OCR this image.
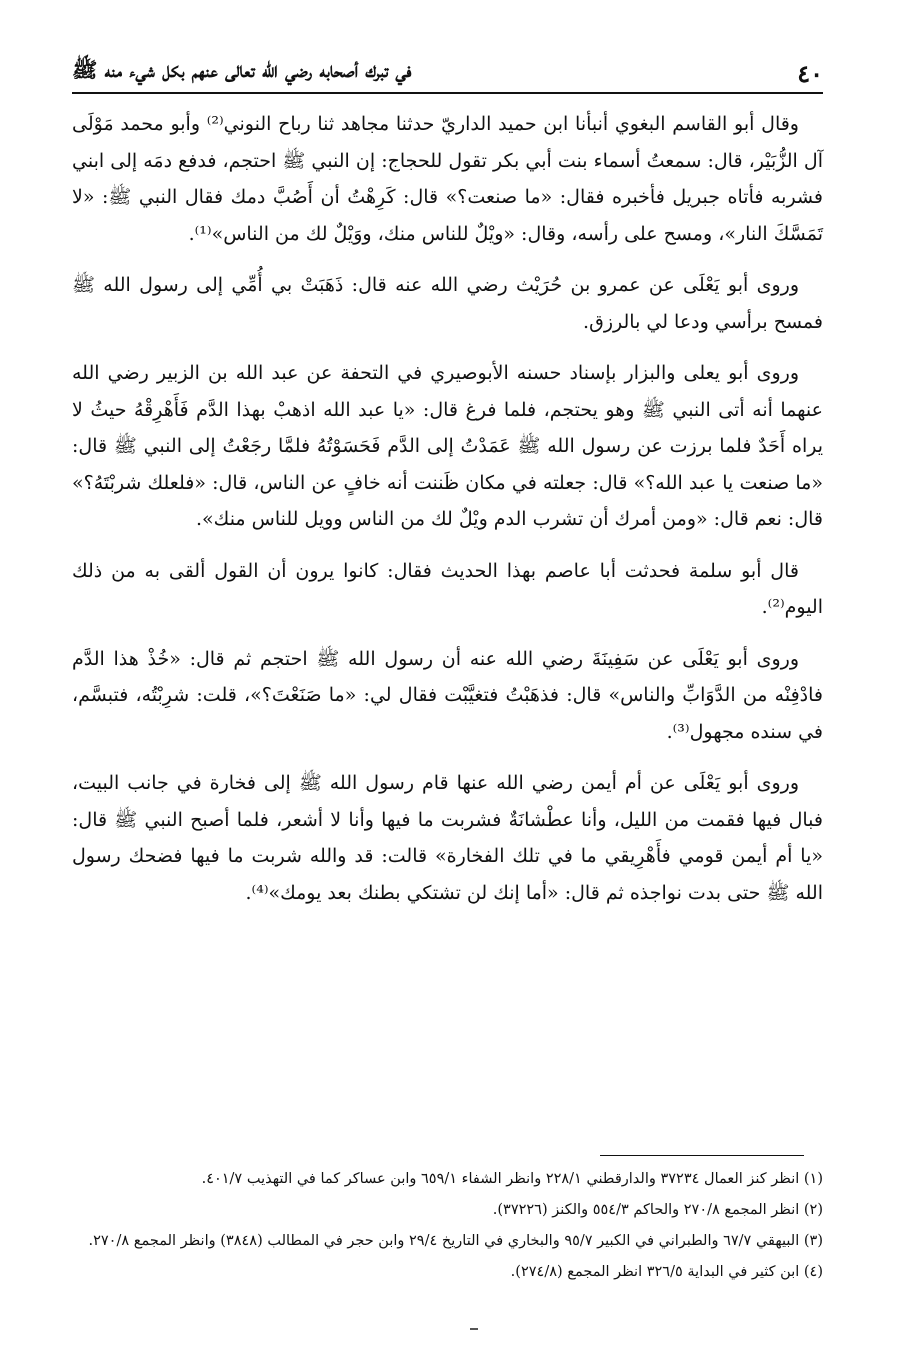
٤٠
في تبرك أصحابه رضي الله تعالى عنهم بكل شيء منه ﷺ

وقال أبو القاسم البغوي أنبأنا ابن حميد الداريّ حدثنا مجاهد ثنا رباح النوني⁽²⁾ وأبو محمد مَوْلَى آل الزُّبَيْر، قال: سمعتُ أسماء بنت أبي بكر تقول للحجاج: إن النبي ﷺ احتجم، فدفع دمَه إلى ابني فشربه فأتاه جبريل فأخبره فقال: «ما صنعت؟» قال: كَرِهْتُ أن أَصُبَّ دمك فقال النبي ﷺ: «لا تَمَسَّكَ النار»، ومسح على رأسه، وقال: «ويْلٌ للناس منك، ووَيْلٌ لك من الناس»⁽¹⁾.

وروى أبو يَعْلَى عن عمرو بن حُرَيْث رضي الله عنه قال: ذَهَبَتْ بي أُمِّي إلى رسول الله ﷺ فمسح برأسي ودعا لي بالرزق.

وروى أبو يعلى والبزار بإسناد حسنه الأبوصيري في التحفة عن عبد الله بن الزبير رضي الله عنهما أنه أتى النبي ﷺ وهو يحتجم، فلما فرغ قال: «يا عبد الله اذهبْ بهذا الدَّم فَأَهْرِقْهُ حيثُ لا يراه أَحَدٌ فلما برزت عن رسول الله ﷺ عَمَدْتُ إلى الدَّم فَحَسَوْتُهُ فلمَّا رجَعْتُ إلى النبي ﷺ قال: «ما صنعت يا عبد الله؟» قال: جعلته في مكان ظَننت أنه خافٍ عن الناس، قال: «فلعلك شربْتَهُ؟» قال: نعم قال: «ومن أمرك أن تشرب الدم ويْلٌ لك من الناس وويل للناس منك».

قال أبو سلمة فحدثت أبا عاصم بهذا الحديث فقال: كانوا يرون أن القول ألقى به من ذلك اليوم⁽²⁾.

وروى أبو يَعْلَى عن سَفِينَةَ رضي الله عنه أن رسول الله ﷺ احتجم ثم قال: «خُذْ هذا الدَّم فادْفِنْه من الدَّوَابِّ والناس» قال: فذهَبْتُ فتغيَّبْت فقال لي: «ما صَنَعْتَ؟»، قلت: شرِبْتُه، فتبسَّم، في سنده مجهول⁽³⁾.

وروى أبو يَعْلَى عن أم أيمن رضي الله عنها قام رسول الله ﷺ إلى فخارة في جانب البيت، فبال فيها فقمت من الليل، وأنا عطْشانَةٌ فشربت ما فيها وأنا لا أشعر، فلما أصبح النبي ﷺ قال: «يا أم أيمن قومي فأَهْرِيقي ما في تلك الفخارة» قالت: قد والله شربت ما فيها فضحك رسول الله ﷺ حتى بدت نواجذه ثم قال: «أما إنك لن تشتكي بطنك بعد يومك»⁽⁴⁾.

(١) انظر كنز العمال ٣٧٢٣٤ والدارقطني ٢٢٨/١ وانظر الشفاء ٦٥٩/١ وابن عساكر كما في التهذيب ٤٠١/٧.

(٢) انظر المجمع ٢٧٠/٨ والحاكم ٥٥٤/٣ والكنز (٣٧٢٢٦).

(٣) البيهقي ٦٧/٧ والطبراني في الكبير ٩٥/٧ والبخاري في التاريخ ٢٩/٤ وابن حجر في المطالب (٣٨٤٨) وانظر المجمع ٢٧٠/٨.

(٤) ابن كثير في البداية ٣٢٦/٥ انظر المجمع (٢٧٤/٨).
